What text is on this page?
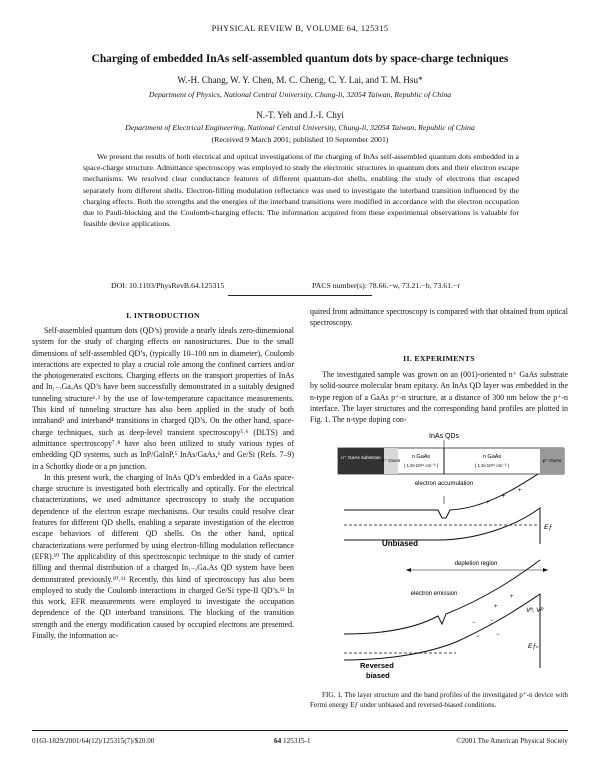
PHYSICAL REVIEW B, VOLUME 64, 125315
Charging of embedded InAs self-assembled quantum dots by space-charge techniques
W.-H. Chang, W. Y. Chen, M. C. Cheng, C. Y. Lai, and T. M. Hsu*
Department of Physics, National Central University, Chung-li, 32054 Taiwan, Republic of China
N.-T. Yeh and J.-I. Chyi
Department of Electrical Engineering, National Central University, Chung-li, 32054 Taiwan, Republic of China
(Received 9 March 2001; published 10 September 2001)

We present the results of both electrical and optical investigations of the charging of InAs self-assembled quantum dots embedded in a space-charge structure. Admittance spectroscopy was employed to study the electronic structures in quantum dots and their electron escape mechanisms. We resolved clear conductance features of different quantum-dot shells, enabling the study of electrons that escaped separately from different shells. Electron-filling modulation reflectance was used to investigate the interband transition influenced by the charging effects. Both the strengths and the energies of the interband transitions were modified in accordance with the electron occupation due to Pauli-blocking and the Coulomb-charging effects. The information acquired from these experimental observations is valuable for feasible device applications.

DOI: 10.1103/PhysRevB.64.125315	PACS number(s): 78.66.−w, 73.21.−b, 73.61.−r
I. INTRODUCTION

Self-assembled quantum dots (QD’s) provide a nearly ideals zero-dimensional system for the study of charging effects on nanostructures. Due to the small dimensions of self-assembled QD’s, (typically 10–100 nm in diameter), Coulomb interactions are expected to play a crucial role among the confined carriers and/or the photogenerated excitons. Charging effects on the transport properties of InAs and In₁₋ₓGaₓAs QD’s have been successfully demonstrated in a suitably designed tunneling structure¹˒² by the use of low-temperature capacitance measurements. This kind of tunneling structure has also been applied in the study of both intraband³ and interband⁴ transitions in charged QD’s. On the other hand, space-charge techniques, such as deep-level transient spectroscopy⁵˒⁶ (DLTS) and admittance spectroscopy⁷˒⁸ have also been utilized to study various types of embedding QD systems, such as InP/GaInP,⁵ InAs/GaAs,⁶ and Ge/Si (Refs. 7–9) in a Schottky diode or a pn junction.

In this present work, the charging of InAs QD’s embedded in a GaAs space-charge structure is investigated both electrically and optically. For the electrical characterizations, we used admittance spectroscopy to study the occupation dependence of the electron escape mechanisms. Our results could resolve clear features for different QD shells, enabling a separate investigation of the electron escape behaviors of different QD shells. On the other hand, optical characterizations were performed by using electron-filling modulation reflectance (EFR).¹⁰ The applicability of this spectroscopic technique to the study of carrier filling and thermal distribution of a charged In₁₋ₓGaₓAs QD system have been demonstrated previously.¹⁰˒¹¹ Recently, this kind of spectroscopy has also been employed to study the Coulomb interactions in charged Ge/Si type-II QD’s.¹² In this work, EFR measurements were employed to investigate the occupation dependence of the QD interband transitions. The blocking of the transition strength and the energy modification caused by occupied electrons are presented. Finally, the information ac-

quired from admittance spectroscopy is compared with that obtained from optical spectroscopy.

II. EXPERIMENTS

The investigated sample was grown on an (001)-oriented n⁺ GaAs substrate by solid-source molecular beam epitaxy. An InAs QD layer was embedded in the n-type region of a GaAs p⁺-n structure, at a distance of 300 nm below the p⁺-n interface. The layer structures and the corresponding band profiles are plotted in Fig. 1. The n-type doping con-

InAs QDs
n⁺ GaAs substrate
n⁺ GaAs
n GaAs
( 1.5×10¹⁶ cm⁻³ )
n GaAs
( 1.5×10¹⁶ cm⁻³ )
p⁺ GaAs
electron accumulation
Unbiased
Eƒ
+
+
+
depletion region
electron emission
Vᵇ, Vᴿ
Eƒₙ
Reversed
biased
+
+
− −
−	−

FIG. 1. The layer structure and the band profiles of the investigated p⁺-n device with Fermi energy Eƒ under unbiased and reversed-biased conditions.

0163-1829/2001/64(12)/125315(7)/$20.00	64 125315-1	©2001 The American Physical Society
